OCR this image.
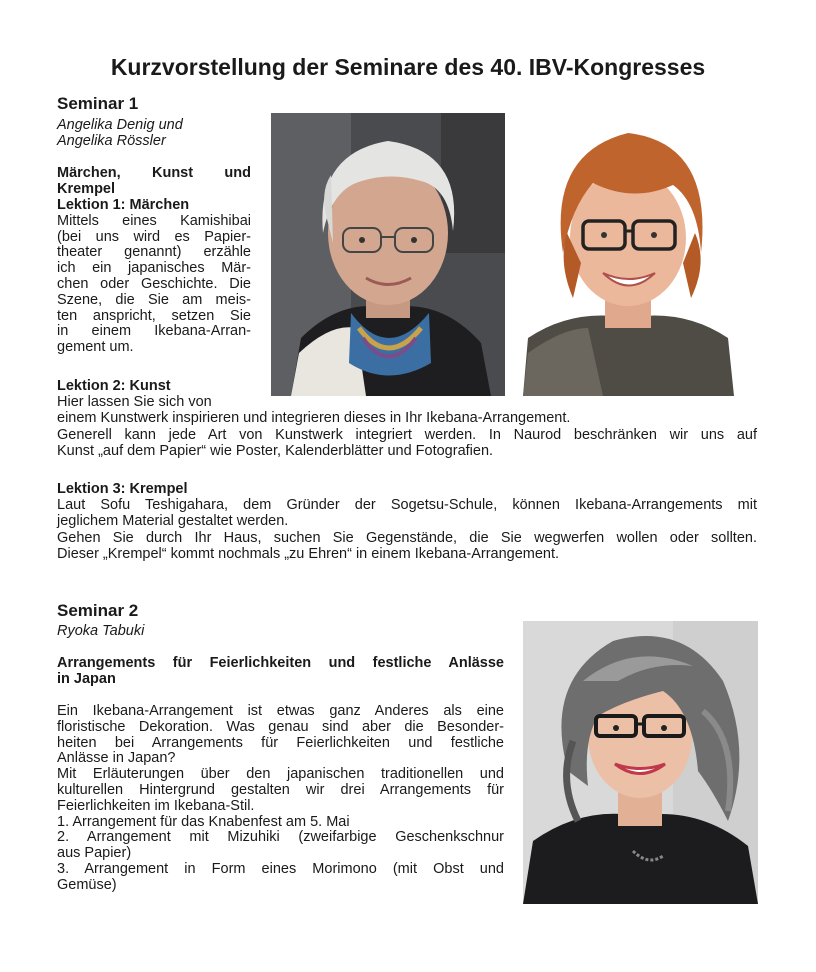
Kurzvorstellung der Seminare des 40. IBV-Kongresses
Seminar 1
Angelika Denig und
Angelika Rössler
Märchen, Kunst und
Krempel
Lektion 1: Märchen
Mittels eines Kamishibai
(bei uns wird es Papier-
theater genannt) erzähle
ich ein japanisches Mär-
chen oder Geschichte. Die
Szene, die Sie am meis-
ten anspricht, setzen Sie
in einem Ikebana-Arran-
gement um.
Lektion 2: Kunst
Hier lassen Sie sich von
einem Kunstwerk inspirieren und integrieren dieses in Ihr Ikebana-Arrangement.
Generell kann jede Art von Kunstwerk integriert werden. In Naurod beschränken wir uns auf
Kunst „auf dem Papier“ wie Poster, Kalenderblätter und Fotografien.
Lektion 3: Krempel
Laut Sofu Teshigahara, dem Gründer der Sogetsu-Schule, können Ikebana-Arrangements mit
jeglichem Material gestaltet werden.
Gehen Sie durch Ihr Haus, suchen Sie Gegenstände, die Sie wegwerfen wollen oder sollten.
Dieser „Krempel“ kommt nochmals „zu Ehren“ in einem Ikebana-Arrangement.
Seminar 2
Ryoka Tabuki
Arrangements für Feierlichkeiten und festliche Anlässe
in Japan
Ein Ikebana-Arrangement ist etwas ganz Anderes als eine
floristische Dekoration. Was genau sind aber die Besonder-
heiten bei Arrangements für Feierlichkeiten und festliche
Anlässe in Japan?
Mit Erläuterungen über den japanischen traditionellen und
kulturellen Hintergrund gestalten wir drei Arrangements für
Feierlichkeiten im Ikebana-Stil.
1. Arrangement für das Knabenfest am 5. Mai
2. Arrangement mit Mizuhiki (zweifarbige Geschenkschnur
aus Papier)
3. Arrangement in Form eines Morimono (mit Obst und
Gemüse)
